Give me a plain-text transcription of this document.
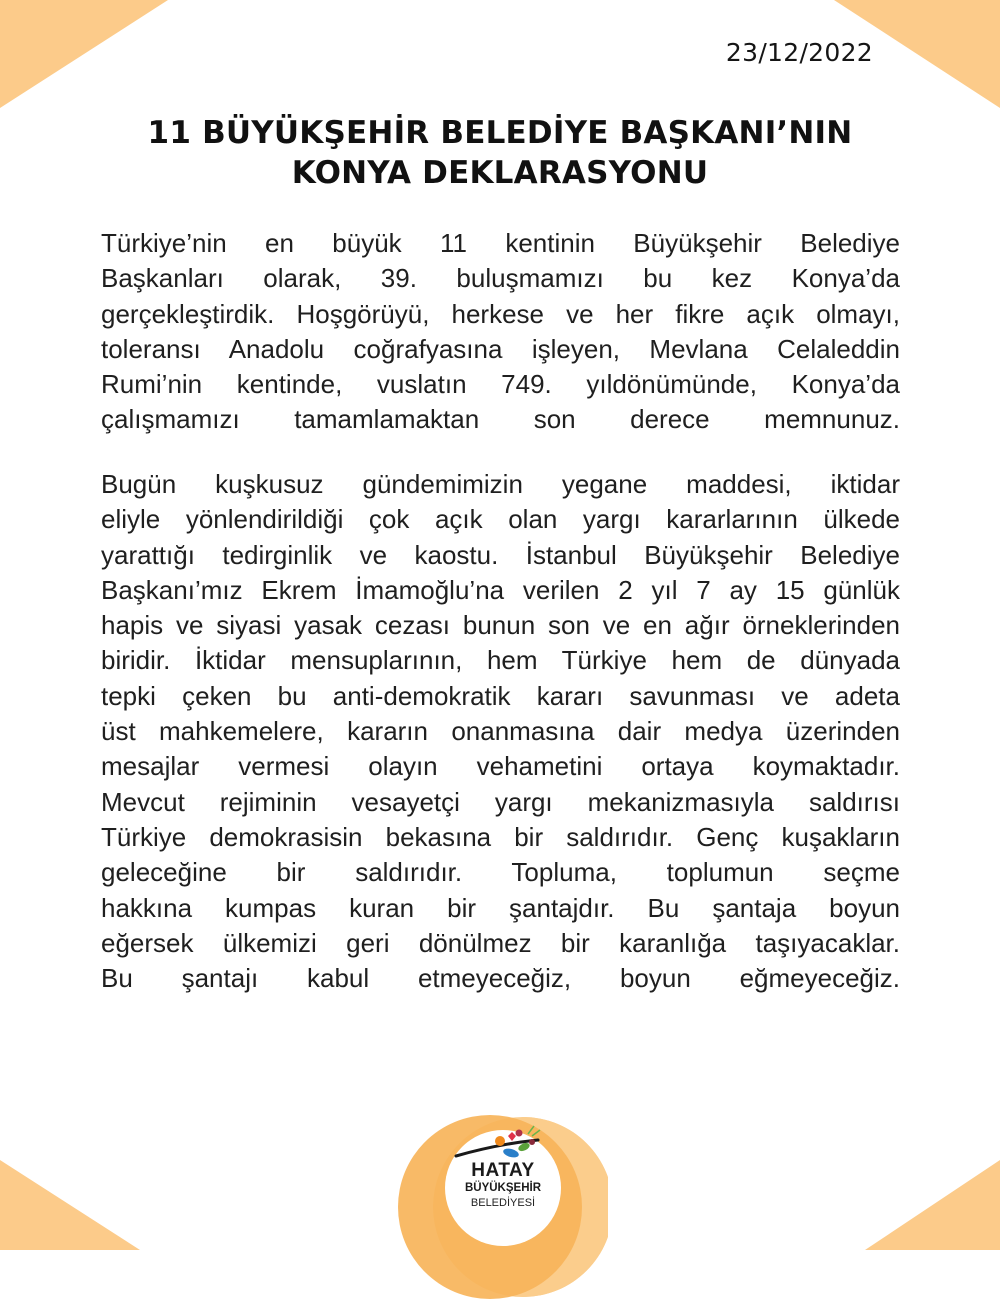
23/12/2022
11 BÜYÜKŞEHİR BELEDİYE BAŞKANI’NIN
KONYA DEKLARASYONU
Türkiye’nin en büyük 11 kentinin Büyükşehir Belediye
Başkanları olarak, 39. buluşmamızı bu kez Konya’da
gerçekleştirdik. Hoşgörüyü, herkese ve her fikre açık olmayı,
toleransı Anadolu coğrafyasına işleyen, Mevlana Celaleddin
Rumi’nin kentinde, vuslatın 749. yıldönümünde, Konya’da
çalışmamızı tamamlamaktan son derece memnunuz.
Bugün kuşkusuz gündemimizin yegane maddesi, iktidar
eliyle yönlendirildiği çok açık olan yargı kararlarının ülkede
yarattığı tedirginlik ve kaostu. İstanbul Büyükşehir Belediye
Başkanı’mız Ekrem İmamoğlu’na verilen 2 yıl 7 ay 15 günlük
hapis ve siyasi yasak cezası bunun son ve en ağır örneklerinden
biridir. İktidar mensuplarının, hem Türkiye hem de dünyada
tepki çeken bu anti-demokratik kararı savunması ve adeta
üst mahkemelere, kararın onanmasına dair medya üzerinden
mesajlar vermesi olayın vehametini ortaya koymaktadır.
Mevcut rejiminin vesayetçi yargı mekanizmasıyla saldırısı
Türkiye demokrasisin bekasına bir saldırıdır. Genç kuşakların
geleceğine bir saldırıdır. Topluma, toplumun seçme
hakkına kumpas kuran bir şantajdır. Bu şantaja boyun
eğersek ülkemizi geri dönülmez bir karanlığa taşıyacaklar.
Bu şantajı kabul etmeyeceğiz, boyun eğmeyeceğiz.
HATAY
BÜYÜKŞEHİR
BELEDİYESİ
